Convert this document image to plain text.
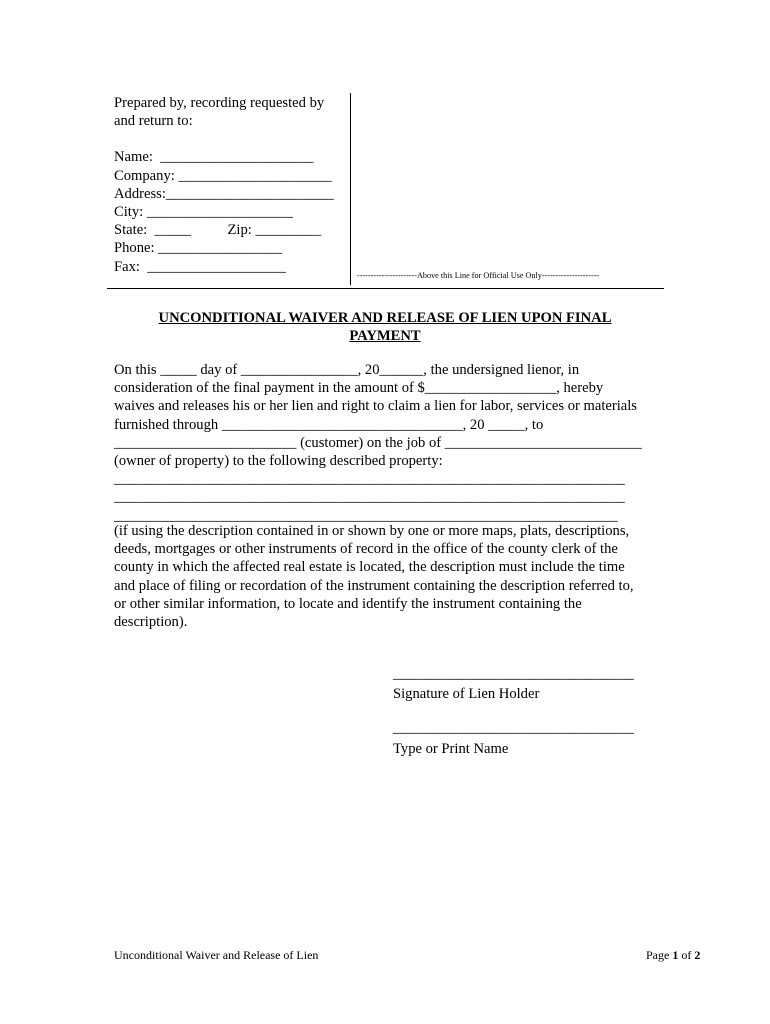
Prepared by, recording requested by
and return to:
Name:  _____________________
Company: _____________________
Address:_______________________
City: ____________________
State:  _____          Zip: _________
Phone: _________________
Fax:  ___________________
----------------------Above this Line for Official Use Only---------------------
UNCONDITIONAL WAIVER AND RELEASE OF LIEN UPON FINAL
PAYMENT
On this _____ day of ________________, 20______, the undersigned lienor, in
consideration of the final payment in the amount of $__________________, hereby
waives and releases his or her lien and right to claim a lien for labor, services or materials
furnished through _________________________________, 20 _____, to
_________________________ (customer) on the job of ___________________________
(owner of property) to the following described property:
______________________________________________________________________
______________________________________________________________________
_____________________________________________________________________
(if using the description contained in or shown by one or more maps, plats, descriptions,
deeds, mortgages or other instruments of record in the office of the county clerk of the
county in which the affected real estate is located, the description must include the time
and place of filing or recordation of the instrument containing the description referred to,
or other similar information, to locate and identify the instrument containing the
description).
_________________________________
Signature of Lien Holder
_________________________________
Type or Print Name
Unconditional Waiver and Release of Lien	Page 1 of 2
